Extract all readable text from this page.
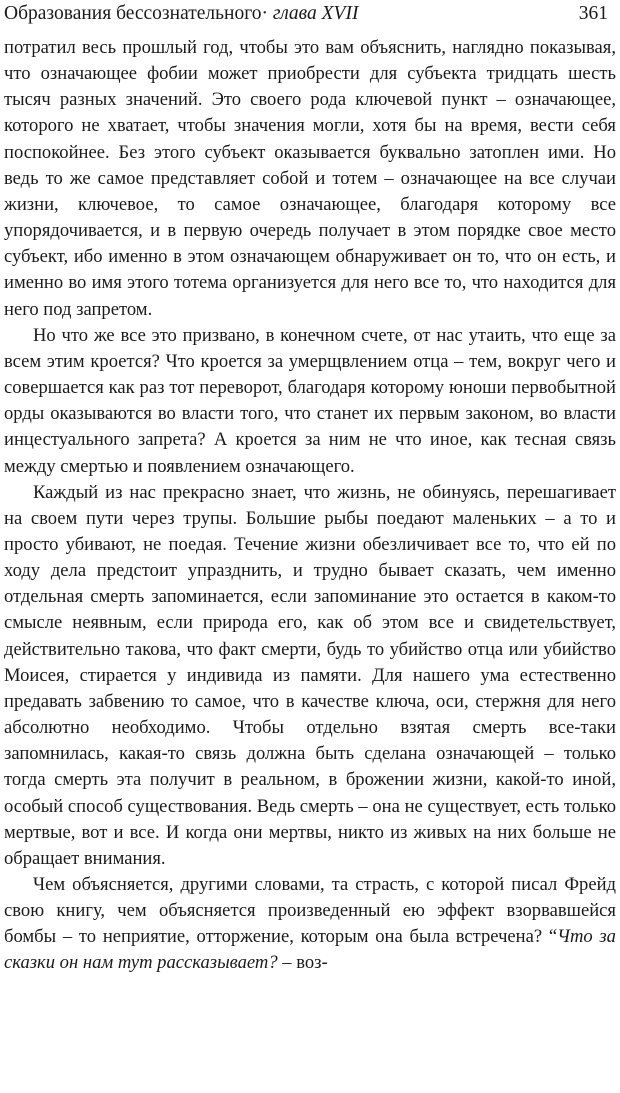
Образования бессознательного· глава XVII	361

потратил весь прошлый год, чтобы это вам объяснить, наглядно показывая, что означающее фобии может приобрести для субъекта тридцать шесть тысяч разных значений. Это своего рода ключевой пункт – означающее, которого не хватает, чтобы значения могли, хотя бы на время, вести себя поспокойнее. Без этого субъект оказывается буквально затоплен ими. Но ведь то же самое представляет собой и тотем – означающее на все случаи жизни, ключевое, то самое означающее, благодаря которому все упорядочивается, и в первую очередь получает в этом порядке свое место субъект, ибо именно в этом означающем обнаруживает он то, что он есть, и именно во имя этого тотема организуется для него все то, что находится для него под запретом.

Но что же все это призвано, в конечном счете, от нас утаить, что еще за всем этим кроется? Что кроется за умерщвлением отца – тем, вокруг чего и совершается как раз тот переворот, благодаря которому юноши первобытной орды оказываются во власти того, что станет их первым законом, во власти инцестуального запрета? А кроется за ним не что иное, как тесная связь между смертью и появлением означающего.

Каждый из нас прекрасно знает, что жизнь, не обинуясь, перешагивает на своем пути через трупы. Большие рыбы поедают маленьких – а то и просто убивают, не поедая. Течение жизни обезличивает все то, что ей по ходу дела предстоит упразднить, и трудно бывает сказать, чем именно отдельная смерть запоминается, если запоминание это остается в каком-то смысле неявным, если природа его, как об этом все и свидетельствует, действительно такова, что факт смерти, будь то убийство отца или убийство Моисея, стирается у индивида из памяти. Для нашего ума естественно предавать забвению то самое, что в качестве ключа, оси, стержня для него абсолютно необходимо. Чтобы отдельно взятая смерть все-таки запомнилась, какая-то связь должна быть сделана означающей – только тогда смерть эта получит в реальном, в брожении жизни, какой-то иной, особый способ существования. Ведь смерть – она не существует, есть только мертвые, вот и все. И когда они мертвы, никто из живых на них больше не обращает внимания.

Чем объясняется, другими словами, та страсть, с которой писал Фрейд свою книгу, чем объясняется произведенный ею эффект взорвавшейся бомбы – то неприятие, отторжение, которым она была встречена? “Что за сказки он нам тут рассказывает? – воз-
